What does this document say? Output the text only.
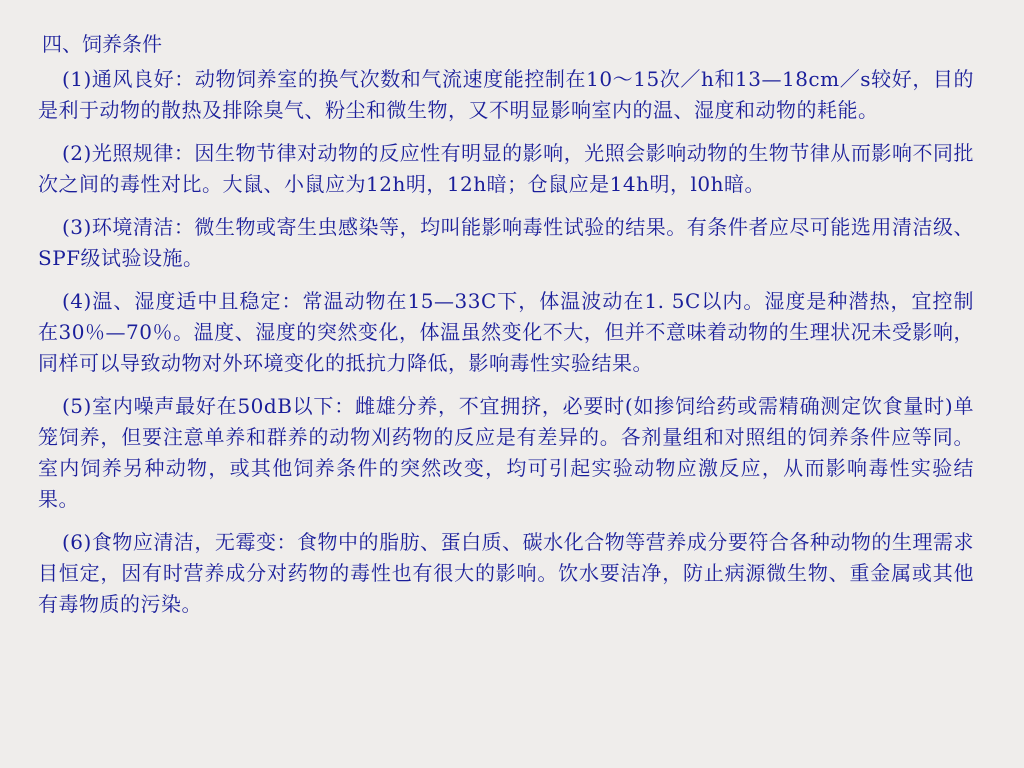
四、饲养条件

(1)通风良好：动物饲养室的换气次数和气流速度能控制在10～15次／h和13—18cm／s较好，目的是利于动物的散热及排除臭气、粉尘和微生物，又不明显影响室内的温、湿度和动物的耗能。

(2)光照规律：因生物节律对动物的反应性有明显的影响，光照会影响动物的生物节律从而影响不同批次之间的毒性对比。大鼠、小鼠应为12h明，12h暗；仓鼠应是14h明，l0h暗。

(3)环境清洁：微生物或寄生虫感染等，均叫能影响毒性试验的结果。有条件者应尽可能选用清洁级、SPF级试验设施。

(4)温、湿度适中且稳定：常温动物在15—33C下，体温波动在1. 5C以内。湿度是种潜热，宜控制在30％—70％。温度、湿度的突然变化，体温虽然变化不大，但并不意味着动物的生理状况未受影响，同样可以导致动物对外环境变化的抵抗力降低，影响毒性实验结果。

(5)室内噪声最好在50dB以下：雌雄分养，不宜拥挤，必要时(如掺饲给药或需精确测定饮食量时)单笼饲养，但要注意单养和群养的动物刈药物的反应是有差异的。各剂量组和对照组的饲养条件应等同。室内饲养另种动物，或其他饲养条件的突然改变，均可引起实验动物应激反应，从而影响毒性实验结果。

(6)食物应清洁，无霉变：食物中的脂肪、蛋白质、碳水化合物等营养成分要符合各种动物的生理需求目恒定，因有时营养成分对药物的毒性也有很大的影响。饮水要洁净，防止病源微生物、重金属或其他有毒物质的污染。
